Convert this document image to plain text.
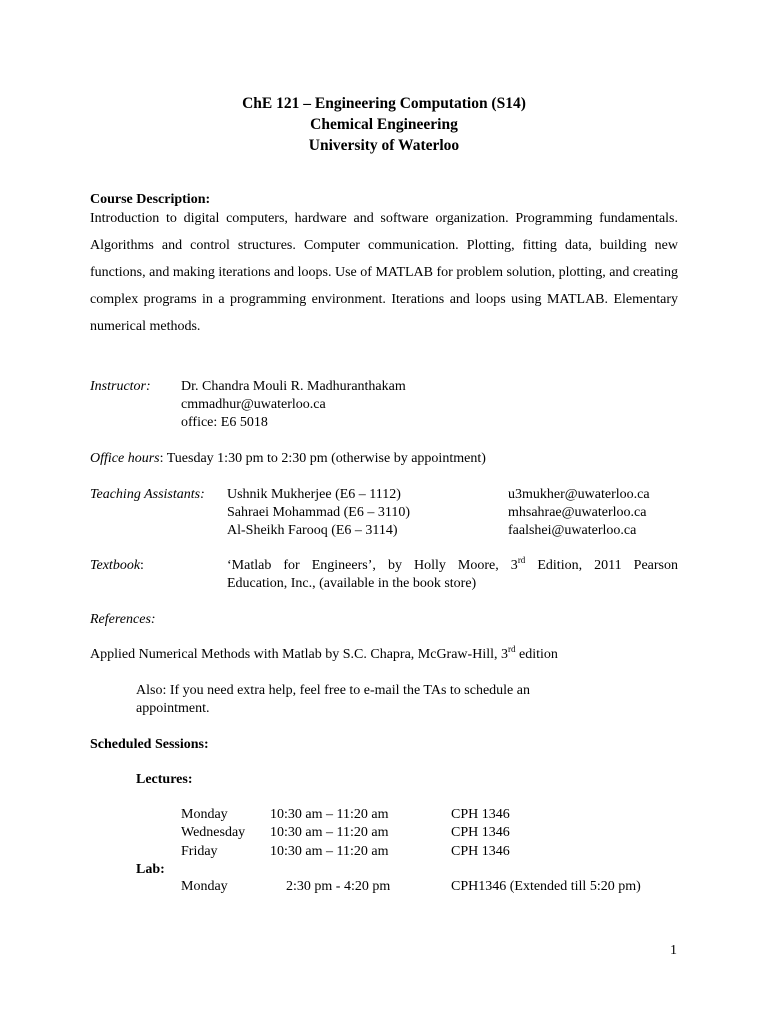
ChE 121 – Engineering Computation (S14)
Chemical Engineering
University of Waterloo
Course Description:
Introduction to digital computers, hardware and software organization. Programming fundamentals. Algorithms and control structures. Computer communication. Plotting, fitting data, building new functions, and making iterations and loops. Use of MATLAB for problem solution, plotting, and creating complex programs in a programming environment. Iterations and loops using MATLAB. Elementary numerical methods.
Instructor: Dr. Chandra Mouli R. Madhuranthakam
cmmadhur@uwaterloo.ca
office: E6 5018
Office hours: Tuesday 1:30 pm to 2:30 pm (otherwise by appointment)
Teaching Assistants: Ushnik Mukherjee (E6 – 1112)	u3mukher@uwaterloo.ca
Sahraei Mohammad (E6 – 3110)	mhsahrae@uwaterloo.ca
Al-Sheikh Farooq (E6 – 3114)	faalshei@uwaterloo.ca
Textbook:	‘Matlab for Engineers’, by Holly Moore, 3rd Edition, 2011 Pearson
Education, Inc., (available in the book store)
References:
Applied Numerical Methods with Matlab by S.C. Chapra, McGraw-Hill, 3rd edition
Also: If you need extra help, feel free to e-mail the TAs to schedule an
appointment.
Scheduled Sessions:
Lectures:
Monday	10:30 am – 11:20 am	CPH 1346
Wednesday 10:30 am – 11:20 am	CPH 1346
Friday	10:30 am – 11:20 am	CPH 1346
Lab:
Monday	2:30 pm - 4:20 pm	CPH1346 (Extended till 5:20 pm)
1
